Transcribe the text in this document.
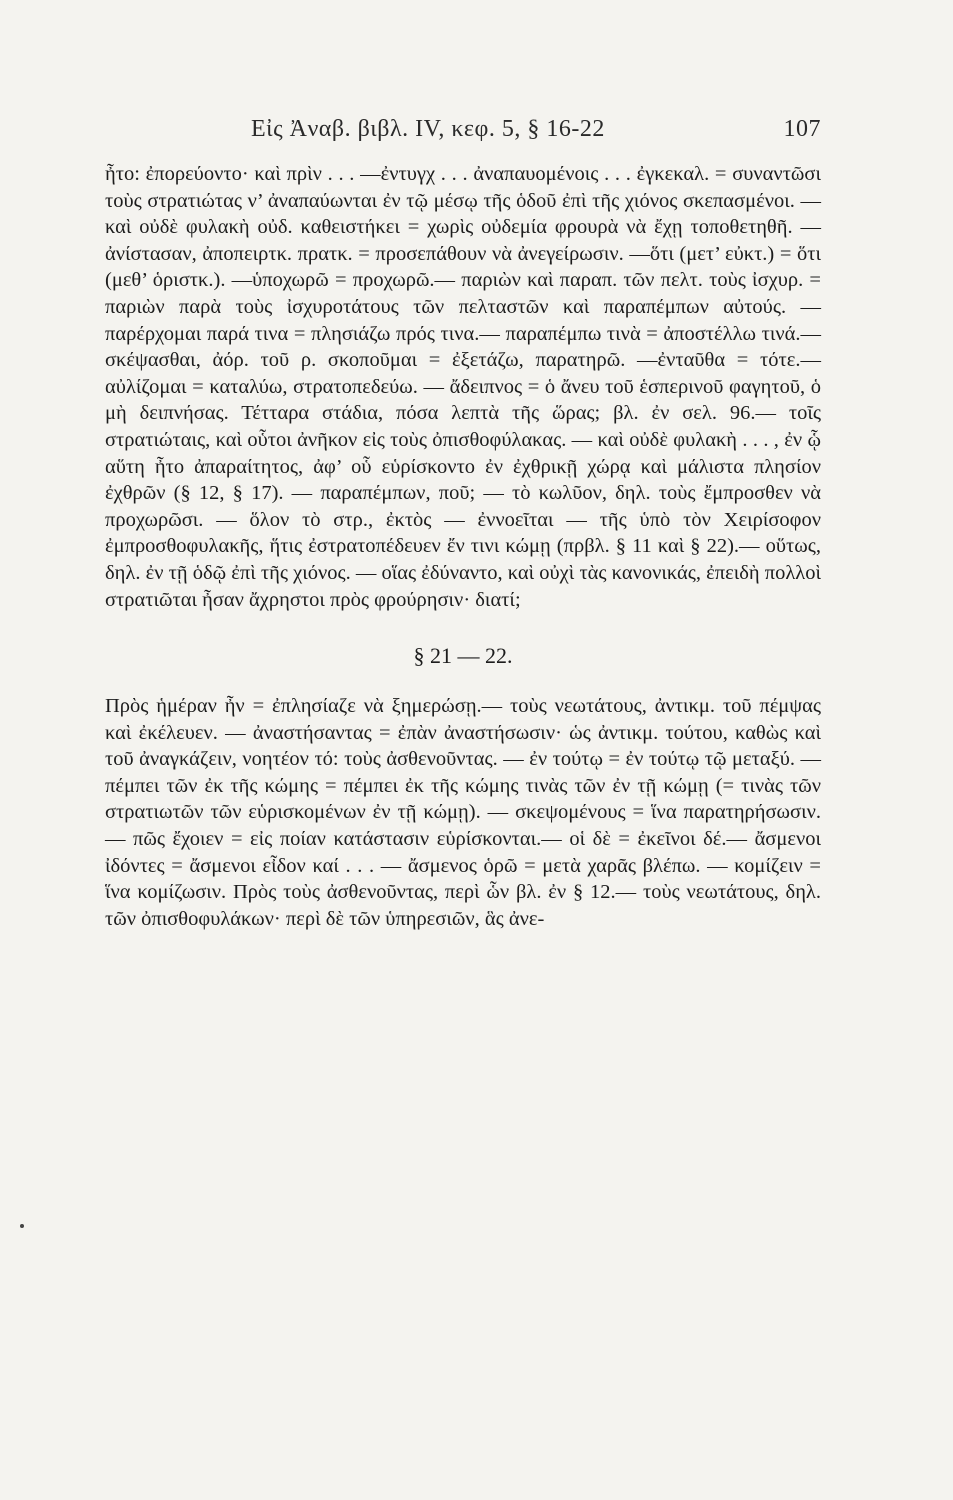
Εἰς Ἀναβ. βιβλ. IV, κεφ. 5, § 16-22	107

ἦτο: ἐπορεύοντο· καὶ πρὶν . . . —ἐντυγχ . . . ἀναπαυομένοις . . . ἐγκεκαλ. = συναντῶσι τοὺς στρατιώτας ν’ ἀναπαύωνται ἐν τῷ μέσῳ τῆς ὁδοῦ ἐπὶ τῆς χιόνος σκεπασμένοι. — καὶ οὐδὲ φυλακὴ οὐδ. καθειστήκει = χωρὶς οὐδεμία φρουρὰ νὰ ἔχῃ τοποθετηθῆ. —ἀνίστασαν, ἀποπειρτκ. πρατκ. = προσεπάθουν νὰ ἀνεγείρωσιν. —ὅτι (μετ’ εὐκτ.) = ὅτι (μεθ’ ὁριστκ.). —ὑποχωρῶ = προχωρῶ.— παριὼν καὶ παραπ. τῶν πελτ. τοὺς ἰσχυρ. = παριὼν παρὰ τοὺς ἰσχυροτάτους τῶν πελταστῶν καὶ παραπέμπων αὐτούς. —παρέρχομαι παρά τινα = πλησιάζω πρός τινα.— παραπέμπω τινὰ = ἀποστέλλω τινά.— σκέψασθαι, ἀόρ. τοῦ ρ. σκοποῦμαι = ἐξετάζω, παρατηρῶ. —ἐνταῦθα = τότε.— αὐλίζομαι = καταλύω, στρατοπεδεύω. — ἄδειπνος = ὁ ἄνευ τοῦ ἑσπερινοῦ φαγητοῦ, ὁ μὴ δειπνήσας. Τέτταρα στάδια, πόσα λεπτὰ τῆς ὥρας; βλ. ἐν σελ. 96.— τοῖς στρατιώταις, καὶ οὗτοι ἀνῆκον εἰς τοὺς ὀπισθοφύλακας. — καὶ οὐδὲ φυλακὴ . . . , ἐν ᾧ αὕτη ἦτο ἀπαραίτητος, ἀφ’ οὗ εὑρίσκοντο ἐν ἐχθρικῇ χώρᾳ καὶ μάλιστα πλησίον ἐχθρῶν (§ 12, § 17). — παραπέμπων, ποῦ; — τὸ κωλῦον, δηλ. τοὺς ἔμπροσθεν νὰ προχωρῶσι. — ὅλον τὸ στρ., ἐκτὸς — ἐννοεῖται — τῆς ὑπὸ τὸν Χειρίσοφον ἐμπροσθοφυλακῆς, ἥτις ἐστρατοπέδευεν ἔν τινι κώμῃ (πρβλ. § 11 καὶ § 22).— οὕτως, δηλ. ἐν τῇ ὁδῷ ἐπὶ τῆς χιόνος. — οἵας ἐδύναντο, καὶ οὐχὶ τὰς κανονικάς, ἐπειδὴ πολλοὶ στρατιῶται ἦσαν ἄχρηστοι πρὸς φρούρησιν· διατί;

§ 21 — 22.

Πρὸς ἡμέραν ἦν = ἐπλησίαζε νὰ ξημερώσῃ.— τοὺς νεωτάτους, ἀντικμ. τοῦ πέμψας καὶ ἐκέλευεν. — ἀναστήσαντας = ἐπὰν ἀναστήσωσιν· ὡς ἀντικμ. τούτου, καθὼς καὶ τοῦ ἀναγκάζειν, νοητέον τό: τοὺς ἀσθενοῦντας. — ἐν τούτῳ = ἐν τούτῳ τῷ μεταξύ. — πέμπει τῶν ἐκ τῆς κώμης = πέμπει ἐκ τῆς κώμης τινὰς τῶν ἐν τῇ κώμῃ (= τινὰς τῶν στρατιωτῶν τῶν εὑρισκομένων ἐν τῇ κώμῃ). — σκεψομένους = ἵνα παρατηρήσωσιν. — πῶς ἔχοιεν = εἰς ποίαν κατάστασιν εὑρίσκονται.— οἱ δὲ = ἐκεῖνοι δέ.— ἄσμενοι ἰδόντες = ἄσμενοι εἶδον καί . . . — ἄσμενος ὁρῶ = μετὰ χαρᾶς βλέπω. — κομίζειν = ἵνα κομίζωσιν. Πρὸς τοὺς ἀσθενοῦντας, περὶ ὧν βλ. ἐν § 12.— τοὺς νεωτάτους, δηλ. τῶν ὀπισθοφυλάκων· περὶ δὲ τῶν ὑπηρεσιῶν, ἃς ἀνε-
